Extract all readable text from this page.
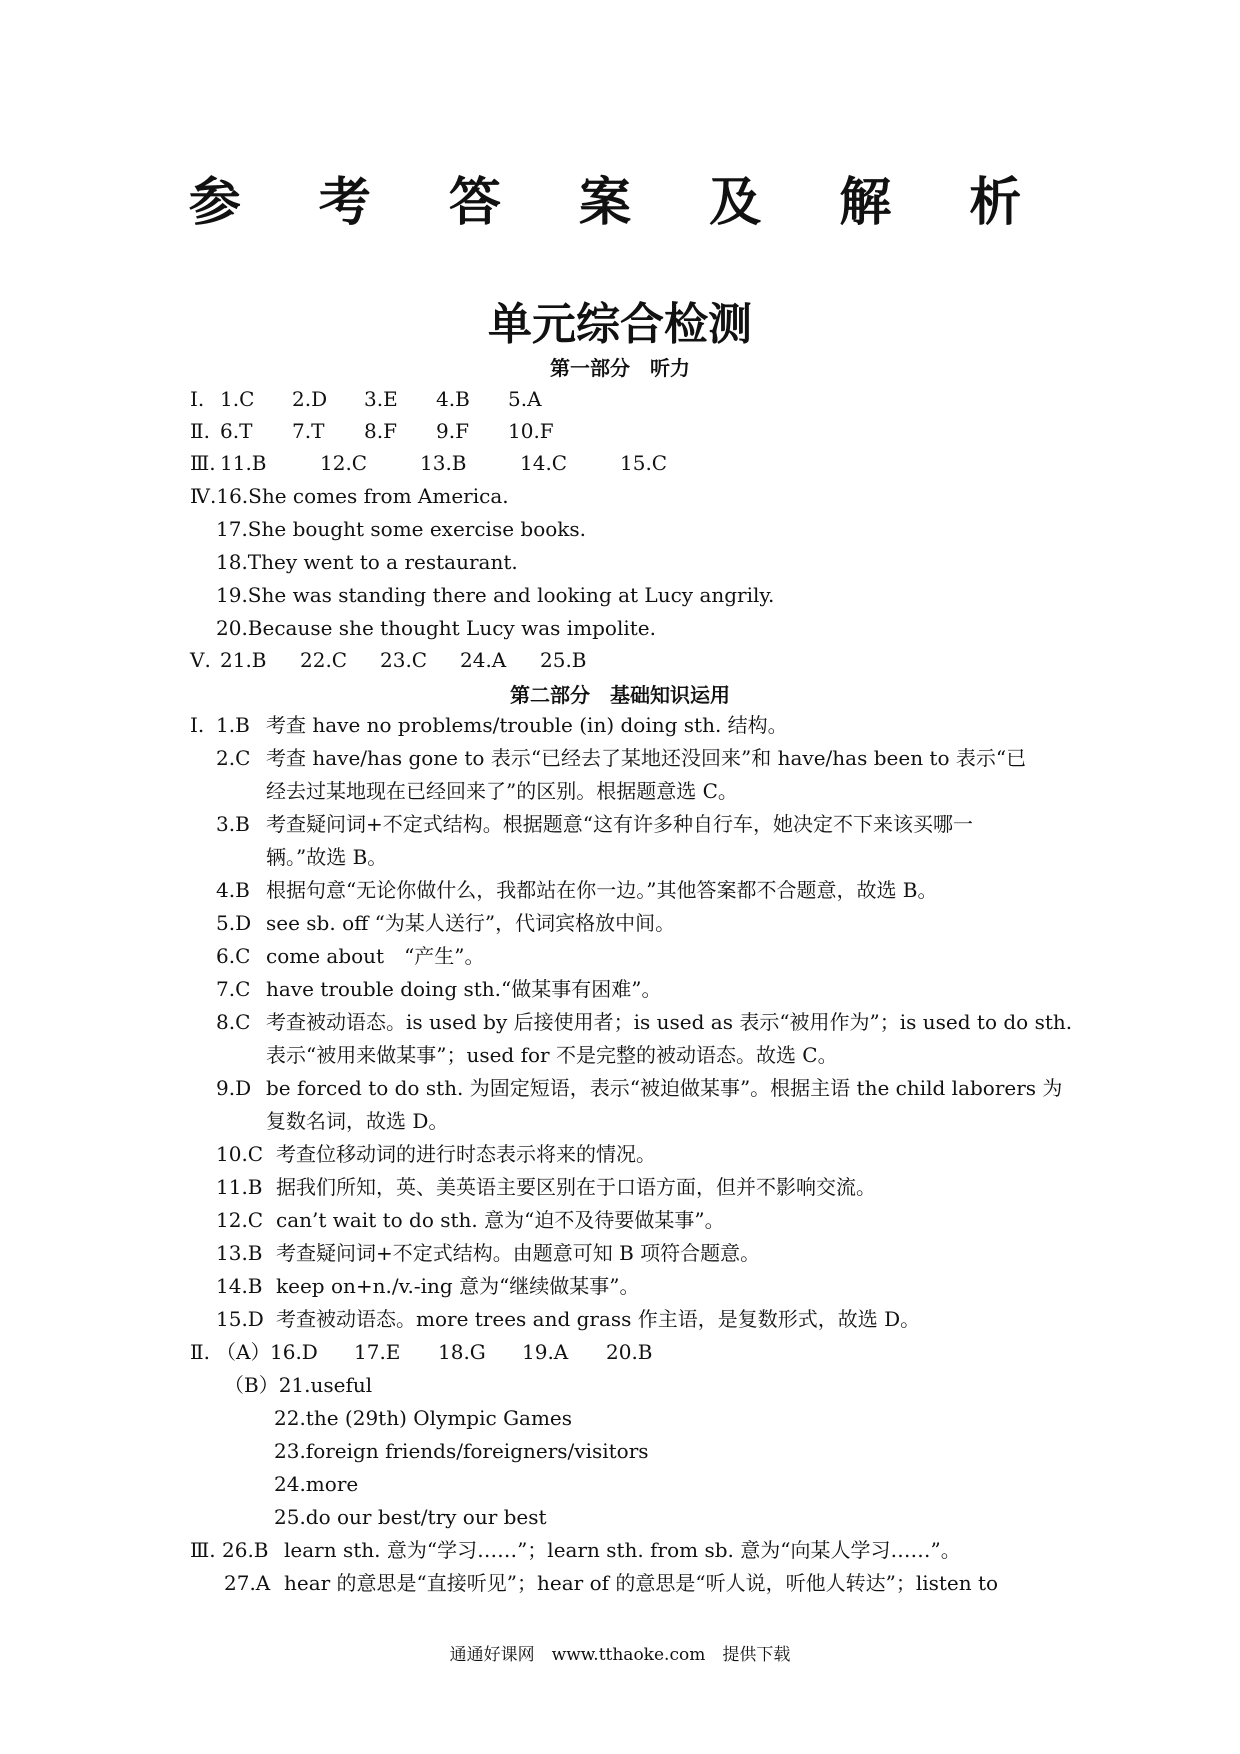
参 考 答 案 及 解 析
单元综合检测
第一部分　听力
Ⅰ. 1.C 2.D 3.E 4.B 5.A
Ⅱ. 6.T 7.T 8.F 9.F 10.F
Ⅲ. 11.B	12.C	13.B	14.C	15.C
Ⅳ.16.She comes from America.
17.She bought some exercise books.
18.They went to a restaurant.
19.She was standing there and looking at Lucy angrily.
20.Because she thought Lucy was impolite.
Ⅴ. 21.B 22.C 23.C 24.A 25.B
第二部分　基础知识运用
Ⅰ. 1.B 考查 have no problems/trouble (in) doing sth. 结构。
2.C 考查 have/has gone to 表示“已经去了某地还没回来”和 have/has been to 表示“已
经去过某地现在已经回来了”的区别。根据题意选 C。
3.B 考查疑问词+不定式结构。根据题意“这有许多种自行车，她决定不下来该买哪一
辆。”故选 B。
4.B 根据句意“无论你做什么，我都站在你一边。”其他答案都不合题意，故选 B。
5.D see sb. off “为某人送行”，代词宾格放中间。
6.C come about　“产生”。
7.C have trouble doing sth.“做某事有困难”。
8.C 考查被动语态。is used by 后接使用者；is used as 表示“被用作为”；is used to do sth.
表示“被用来做某事”；used for 不是完整的被动语态。故选 C。
9.D be forced to do sth. 为固定短语，表示“被迫做某事”。根据主语 the child laborers 为
复数名词，故选 D。
10.C 考查位移动词的进行时态表示将来的情况。
11.B 据我们所知，英、美英语主要区别在于口语方面，但并不影响交流。
12.C can’t wait to do sth. 意为“迫不及待要做某事”。
13.B 考查疑问词+不定式结构。由题意可知 B 项符合题意。
14.B keep on+n./v.-ing 意为“继续做某事”。
15.D 考查被动语态。more trees and grass 作主语，是复数形式，故选 D。
Ⅱ. （A）16.D 17.E 18.G 19.A 20.B
（B）21.useful
22.the (29th) Olympic Games
23.foreign friends/foreigners/visitors
24.more
25.do our best/try our best
Ⅲ. 26.B learn sth. 意为“学习……”；learn sth. from sb. 意为“向某人学习……”。
27.A hear 的意思是“直接听见”；hear of 的意思是“听人说，听他人转达”；listen to
通通好课网　www.tthaoke.com　提供下载
